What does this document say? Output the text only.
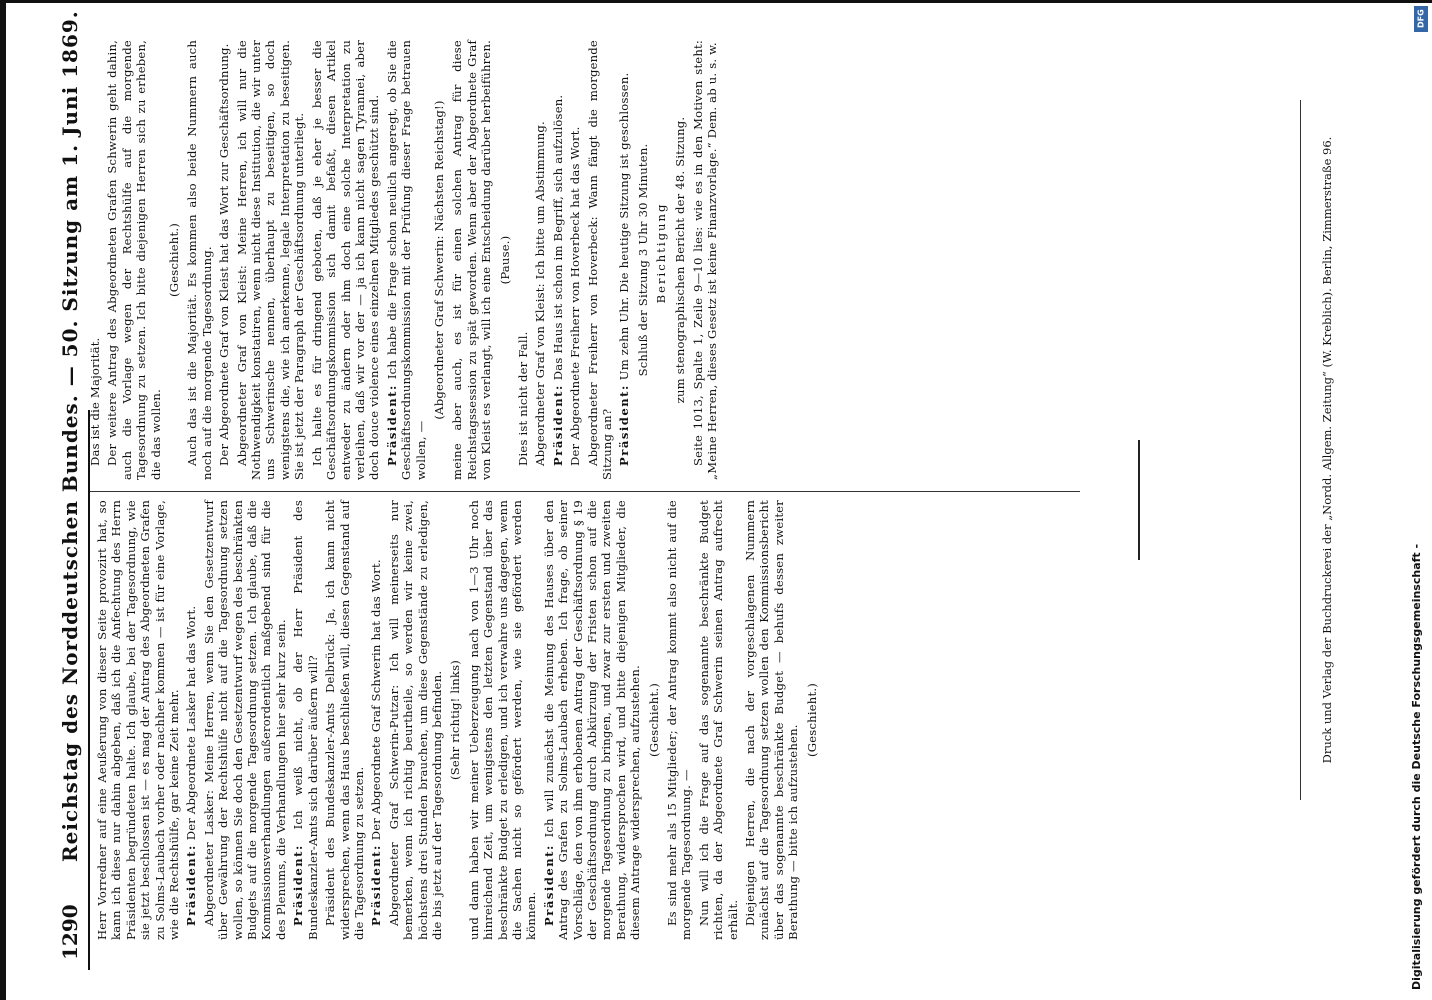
1290
Reichstag des Norddeutschen Bundes. — 50. Sitzung am 1. Juni 1869. Herr Vorredner auf eine Aeußerung von dieser Seite provozirt hat, so kann ich diese nur dahin abgeben, daß ich die Anfechtung des Herrn Präsidenten begründeten halte. Ich glaube, bei der Tagesordnung, wie sie jetzt beschlossen ist — es mag der Antrag des Abgeordneten Grafen zu Solms-Laubach vorher oder nachher kommen — ist für eine Vorlage, wie die Rechtshülfe, gar keine Zeit mehr. Präsident: Der Abgeordnete Lasker hat das Wort. Abgeordneter Lasker: Meine Herren, wenn Sie den Gesetzentwurf über Gewährung der Rechtshülfe nicht auf die Tagesordnung setzen wollen, so können Sie doch den Gesetzentwurf wegen des beschränkten Budgets auf die morgende Tagesordnung setzen. Ich glaube, daß die Kommissionsverhandlungen außerordentlich maßgebend sind für die des Plenums, die Verhandlungen hier sehr kurz sein. Präsident: Ich weiß nicht, ob der Herr Präsident des Bundeskanzler-Amts sich darüber äußern will? Präsident des Bundeskanzler-Amts Delbrück: Ja, ich kann nicht widersprechen, wenn das Haus beschließen will, diesen Gegenstand auf die Tagesordnung zu setzen. Präsident: Der Abgeordnete Graf Schwerin hat das Wort. Abgeordneter Graf Schwerin-Putzar: Ich will meinerseits nur bemerken, wenn ich richtig beurtheile, so werden wir keine zwei, höchstens drei Stunden brauchen, um diese Gegenstände zu erledigen, die bis jetzt auf der Tagesordnung befinden. (Sehr richtig! links) und dann haben wir meiner Ueberzeugung nach von 1—3 Uhr noch hinreichend Zeit, um wenigstens den letzten Gegenstand über das beschränkte Budget zu erledigen, und ich verwahre uns dagegen, wenn die Sachen nicht so gefördert werden, wie sie gefördert werden können. Präsident: Ich will zunächst die Meinung des Hauses über den Antrag des Grafen zu Solms-Laubach erheben. Ich frage, ob seiner Vorschläge, den von ihm erhobenen Antrag der Geschäftsordnung § 19 der Geschäftsordnung durch Abkürzung der Fristen schon auf die morgende Tagesordnung zu bringen, und zwar zur ersten und zweiten Berathung, widersprochen wird, und bitte diejenigen Mitglieder, die diesem Antrage widersprechen, aufzustehen. (Geschieht.) Es sind mehr als 15 Mitglieder; der Antrag kommt also nicht auf die morgende Tagesordnung. — Nun will ich die Frage auf das sogenannte beschränkte Budget richten, da der Abgeordnete Graf Schwerin seinen Antrag aufrecht erhält. Diejenigen Herren, die nach der vorgeschlagenen Nummern zunächst auf die Tagesordnung setzen wollen den Kommissionsbericht über das sogenannte beschränkte Budget — behufs dessen zweiter Berathung — bitte ich aufzustehen.

(Geschieht.)

Das ist die Majorität. Der weitere Antrag des Abgeordneten Grafen Schwerin geht dahin, auch die Vorlage wegen der Rechtshülfe auf die morgende Tagesordnung zu setzen. Ich bitte diejenigen Herren sich zu erheben, die das wollen.

(Geschieht.) Auch das ist die Majorität. Es kommen also beide Nummern auch noch auf die morgende Tagesordnung. Der Abgeordnete Graf von Kleist hat das Wort zur Geschäftsordnung. Abgeordneter Graf von Kleist: Meine Herren, ich will nur die Nothwendigkeit konstatiren, wenn nicht diese Institution, die wir unter uns Schwerinsche nennen, überhaupt zu beseitigen, so doch wenigstens die, wie ich anerkenne, legale Interpretation zu beseitigen. Sie ist jetzt der Paragraph der Geschäftsordnung unterliegt. Ich halte es für dringend geboten, daß je eher je besser die Geschäftsordnungskommission sich damit befaßt, diesen Artikel entweder zu ändern oder ihm doch eine solche Interpretation zu verleihen, daß wir vor der — ja ich kann nicht sagen Tyrannei, aber doch douce violence eines einzelnen Mitgliedes geschützt sind. Präsident: Ich habe die Frage schon neulich angeregt, ob Sie die Geschäftsordnungskommission mit der Prüfung dieser Frage betrauen wollen, —

(Abgeordneter Graf Schwerin: Nächsten Reichstag!) meine aber auch, es ist für einen solchen Antrag für diese Reichstagssession zu spät geworden. Wenn aber der Abgeordnete Graf von Kleist es verlangt, will ich eine Entscheidung darüber herbeiführen. (Pause.)

Dies ist nicht der Fall. Abgeordneter Graf von Kleist: Ich bitte um Abstimmung. Präsident: Das Haus ist schon im Begriff, sich aufzulösen. Der Abgeordnete Freiherr von Hoverbeck hat das Wort. Abgeordneter Freiherr von Hoverbeck: Wann fängt die morgende Sitzung an? Präsident: Um zehn Uhr. Die heutige Sitzung ist geschlossen. Schluß der Sitzung 3 Uhr 30 Minuten. Berichtigung zum stenographischen Bericht der 48. Sitzung. Seite 1013, Spalte 1, Zeile 9—10 lies: wie es in den Motiven steht: „Meine Herren, dieses Gesetz ist keine Finanzvorlage.“ Dem. ab u. s. w.	Druck und Verlag der Buchdruckerei der „Nordd. Allgem. Zeitung“ (W. Kreblich). Berlin, Zimmerstraße 96.
DFG
Digitalisierung gefördert durch die Deutsche Forschungsgemeinschaft -
